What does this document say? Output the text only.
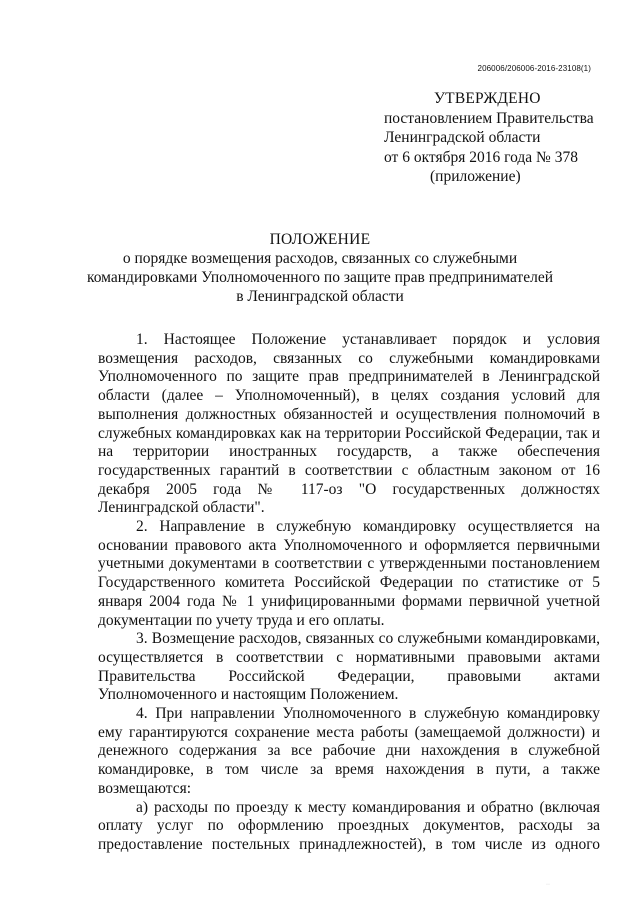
206006/206006-2016-23108(1)
УТВЕРЖДЕНО
постановлением Правительства
Ленинградской области
от 6 октября 2016 года № 378
(приложение)
ПОЛОЖЕНИЕ
о порядке возмещения расходов, связанных со служебными
командировками Уполномоченного по защите прав предпринимателей
в Ленинградской области

1. Настоящее Положение устанавливает порядок и условия возмещения расходов, связанных со служебными командировками Уполномоченного по защите прав предпринимателей в Ленинградской области (далее – Уполномоченный), в целях создания условий для выполнения должностных обязанностей и осуществления полномочий в служебных командировках как на территории Российской Федерации, так и на территории иностранных государств, а также обеспечения государственных гарантий в соответствии с областным законом от 16 декабря 2005 года № 117-оз "О государственных должностях Ленинградской области".

2. Направление в служебную командировку осуществляется на основании правового акта Уполномоченного и оформляется первичными учетными документами в соответствии с утвержденными постановлением Государственного комитета Российской Федерации по статистике от 5 января 2004 года № 1 унифицированными формами первичной учетной документации по учету труда и его оплаты.

3. Возмещение расходов, связанных со служебными командировками, осуществляется в соответствии с нормативными правовыми актами Правительства Российской Федерации, правовыми актами Уполномоченного и настоящим Положением.

4. При направлении Уполномоченного в служебную командировку ему гарантируются сохранение места работы (замещаемой должности) и денежного содержания за все рабочие дни нахождения в служебной командировке, в том числе за время нахождения в пути, а также возмещаются:

а) расходы по проезду к месту командирования и обратно (включая оплату услуг по оформлению проездных документов, расходы за предоставление постельных принадлежностей), в том числе из одного

··
